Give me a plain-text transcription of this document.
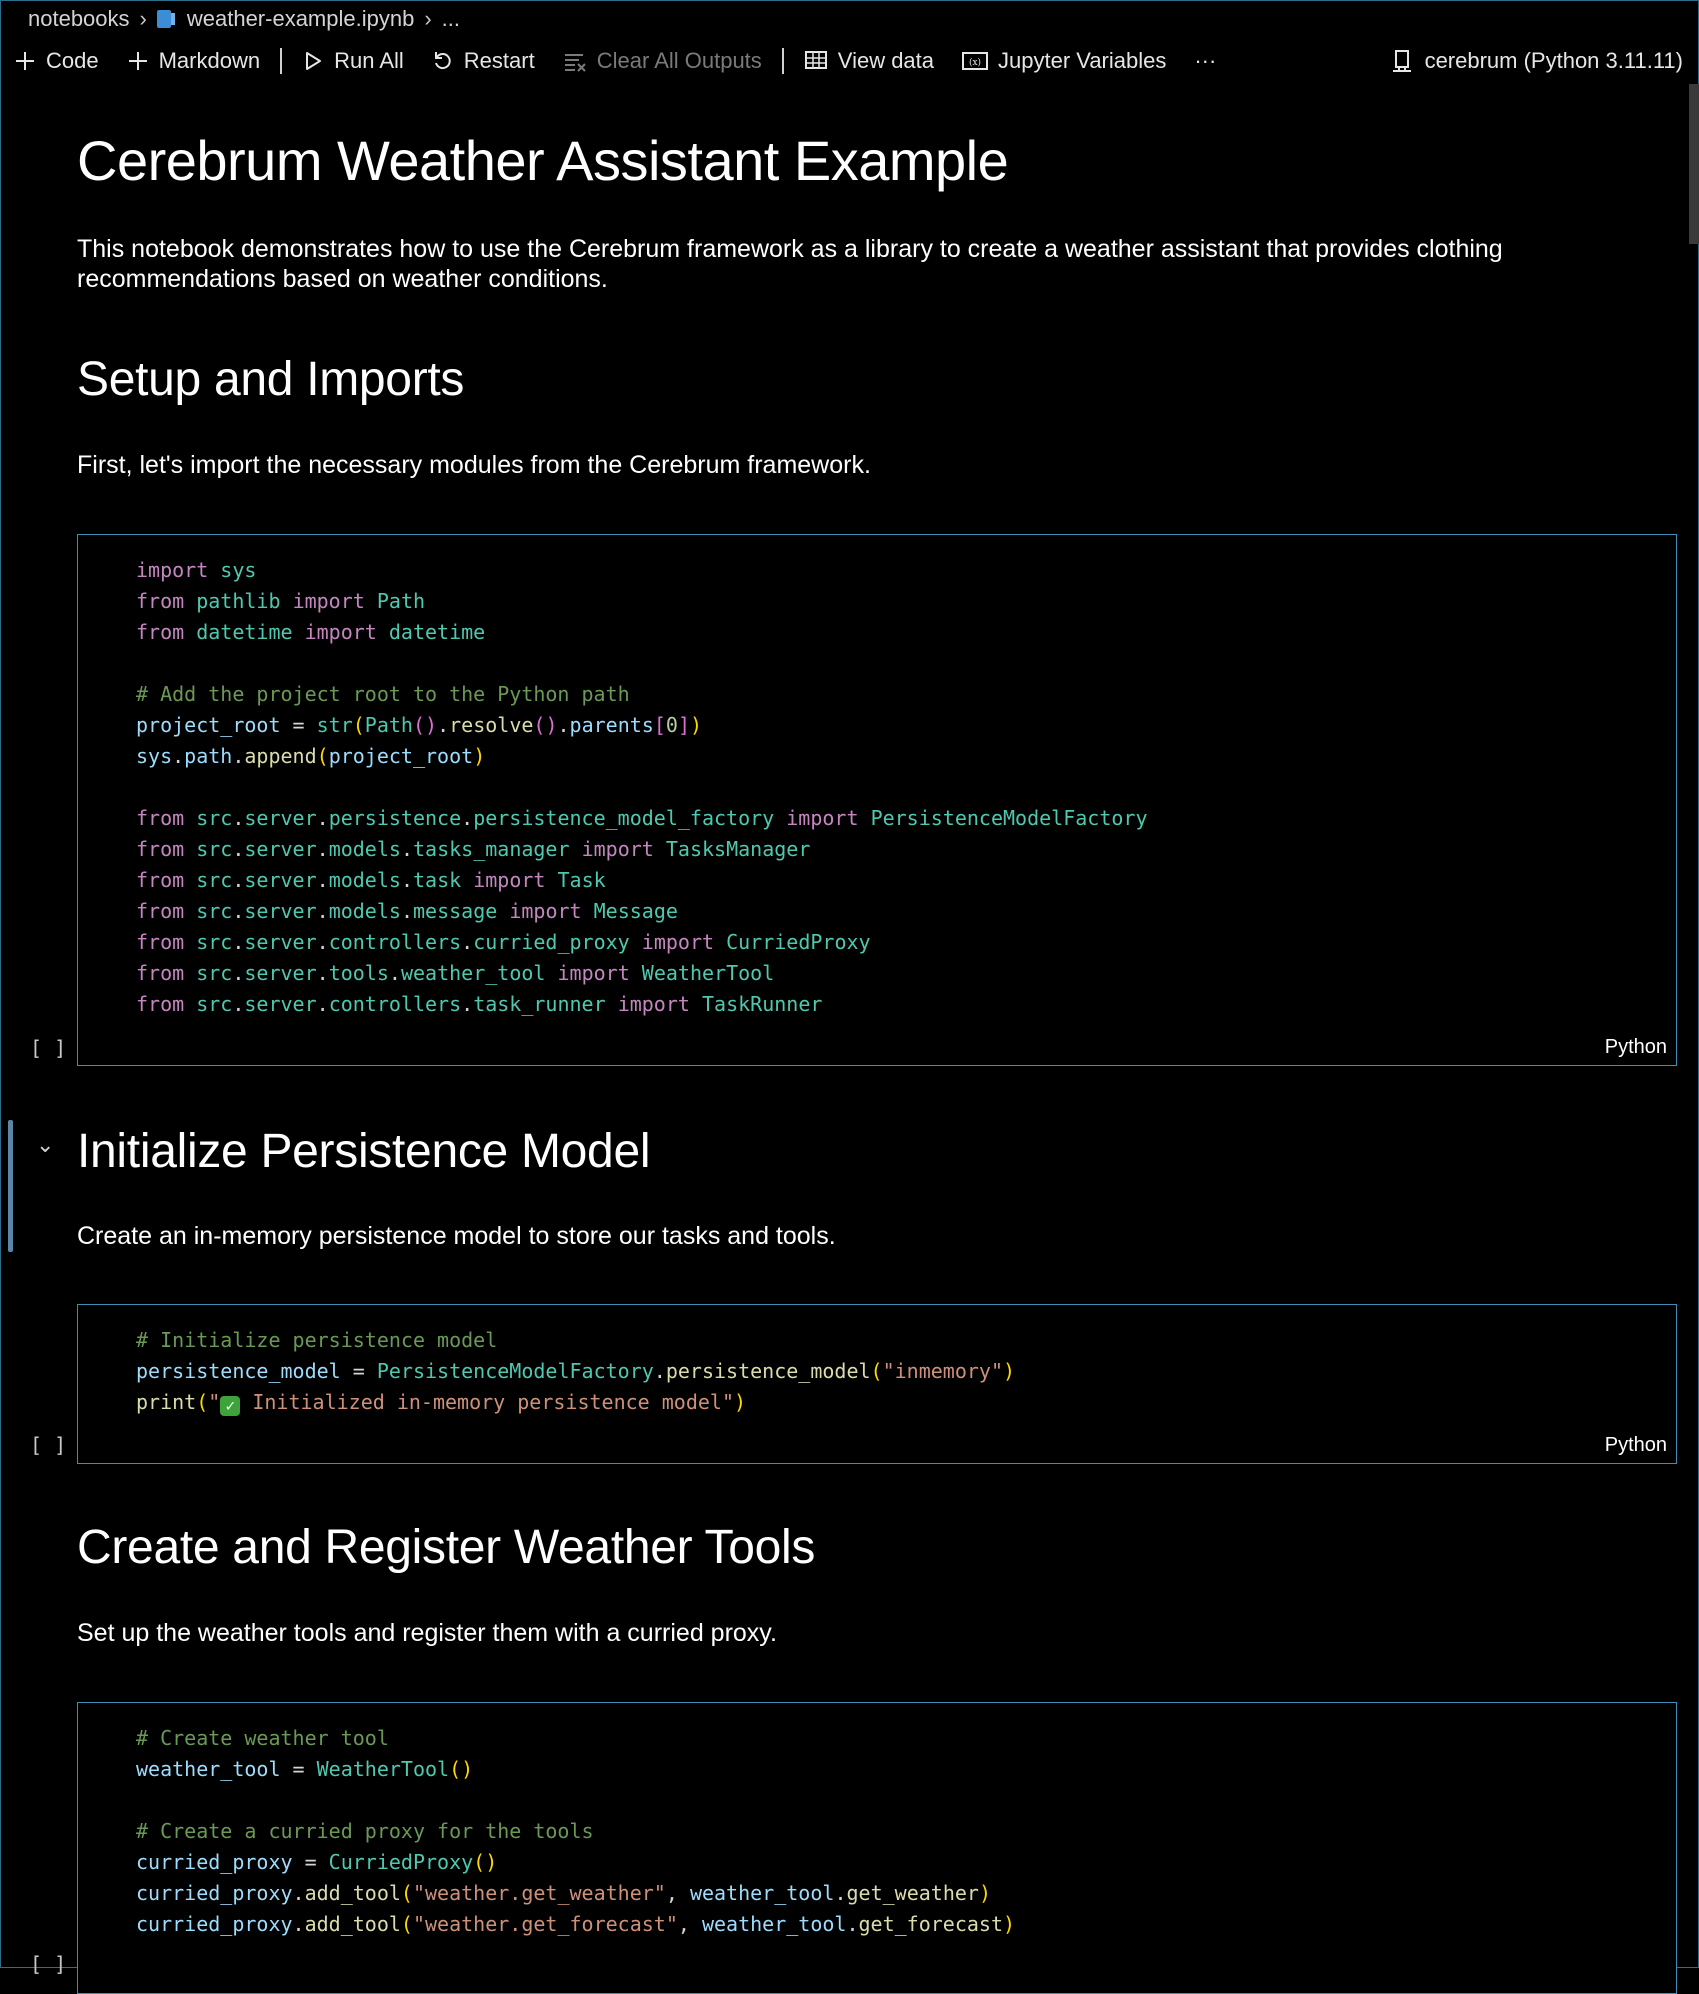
notebooks › weather-example.ipynb › ...
Code	Markdown	Run All	Restart	Clear All Outputs	View data	(x) Jupyter Variables	···	cerebrum (Python 3.11.11)
Cerebrum Weather Assistant Example

This notebook demonstrates how to use the Cerebrum framework as a library to create a weather assistant that provides clothing recommendations based on weather conditions.

Setup and Imports

First, let's import the necessary modules from the Cerebrum framework.

import sys
from pathlib import Path
from datetime import datetime

# Add the project root to the Python path
project_root = str(Path().resolve().parents[0])
sys.path.append(project_root)

from src.server.persistence.persistence_model_factory import PersistenceModelFactory
from src.server.models.tasks_manager import TasksManager
from src.server.models.task import Task
from src.server.models.message import Message
from src.server.controllers.curried_proxy import CurriedProxy
from src.server.tools.weather_tool import WeatherTool
from src.server.controllers.task_runner import TaskRunner
Python
[ ]
⌄ Initialize Persistence Model

Create an in-memory persistence model to store our tasks and tools.

# Initialize persistence model
persistence_model = PersistenceModelFactory.persistence_model("inmemory")
print(" ✓ Initialized in-memory persistence model")
Python
[ ]
Create and Register Weather Tools

Set up the weather tools and register them with a curried proxy.

# Create weather tool
weather_tool = WeatherTool()

# Create a curried proxy for the tools
curried_proxy = CurriedProxy()
curried_proxy.add_tool("weather.get_weather", weather_tool.get_weather)
curried_proxy.add_tool("weather.get_forecast", weather_tool.get_forecast)
[ ]
